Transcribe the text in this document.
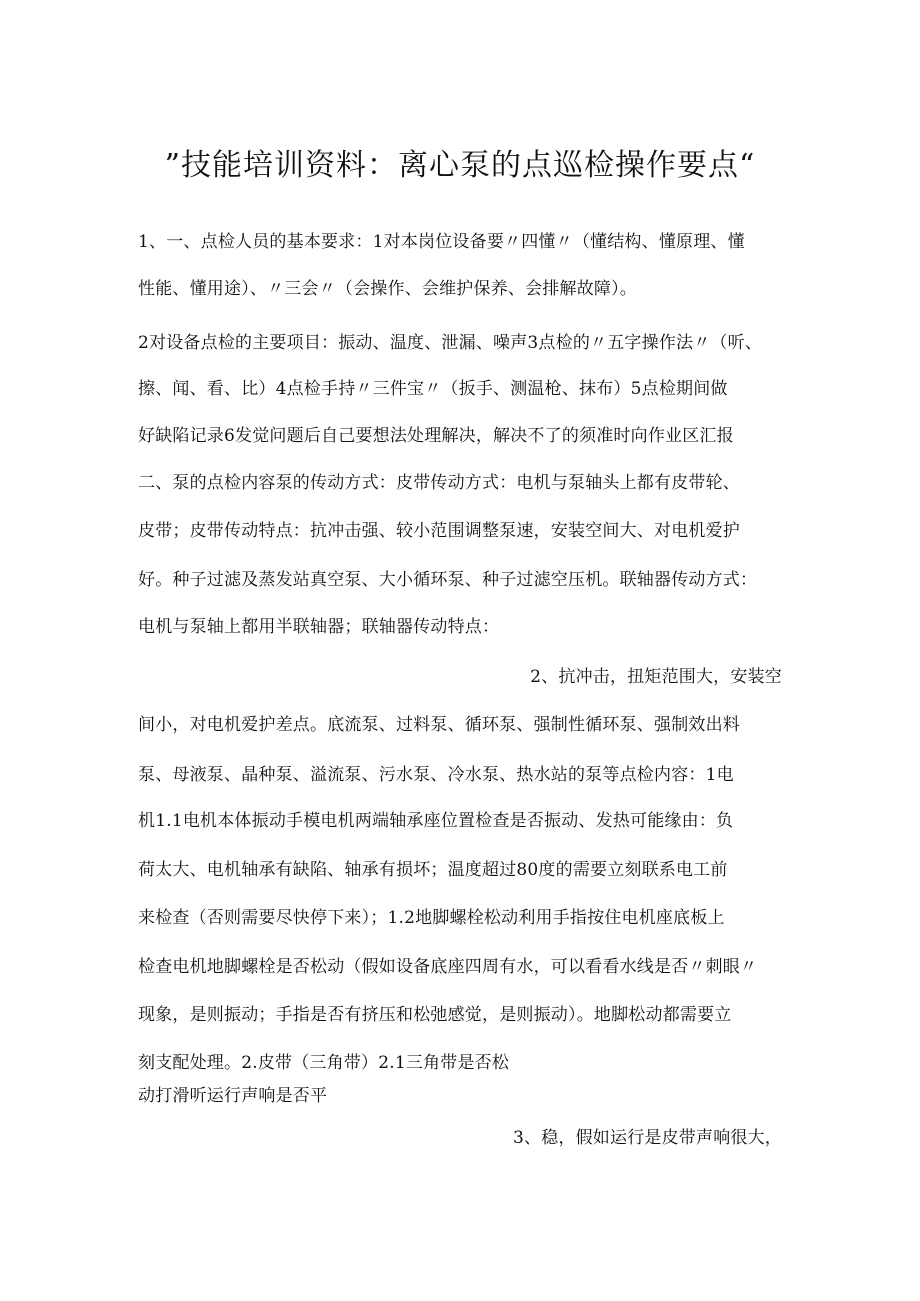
”技能培训资料：离心泵的点巡检操作要点“
1、一、点检人员的基本要求：1对本岗位设备要〃四懂〃（懂结构、懂原理、懂
性能、懂用途）、〃三会〃（会操作、会维护保养、会排解故障）。
2对设备点检的主要项目：振动、温度、泄漏、噪声3点检的〃五字操作法〃（听、
擦、闻、看、比）4点检手持〃三件宝〃（扳手、测温枪、抹布）5点检期间做
好缺陷记录6发觉问题后自己要想法处理解决，解决不了的须准时向作业区汇报
二、泵的点检内容泵的传动方式：皮带传动方式：电机与泵轴头上都有皮带轮、
皮带；皮带传动特点：抗冲击强、较小范围调整泵速，安装空间大、对电机爱护
好。种子过滤及蒸发站真空泵、大小循环泵、种子过滤空压机。联轴器传动方式：
电机与泵轴上都用半联轴器；联轴器传动特点：
2、抗冲击，扭矩范围大，安装空
间小，对电机爱护差点。底流泵、过料泵、循环泵、强制性循环泵、强制效出料
泵、母液泵、晶种泵、溢流泵、污水泵、冷水泵、热水站的泵等点检内容：1电
机1.1电机本体振动手模电机两端轴承座位置检查是否振动、发热可能缘由：负
荷太大、电机轴承有缺陷、轴承有损坏；温度超过80度的需要立刻联系电工前
来检查（否则需要尽快停下来）；1.2地脚螺栓松动利用手指按住电机座底板上
检查电机地脚螺栓是否松动（假如设备底座四周有水，可以看看水线是否〃刺眼〃
现象，是则振动；手指是否有挤压和松弛感觉，是则振动）。地脚松动都需要立
刻支配处理。2.皮带（三角带）2.1三角带是否松
动打滑听运行声响是否平
3、稳，假如运行是皮带声响很大，
